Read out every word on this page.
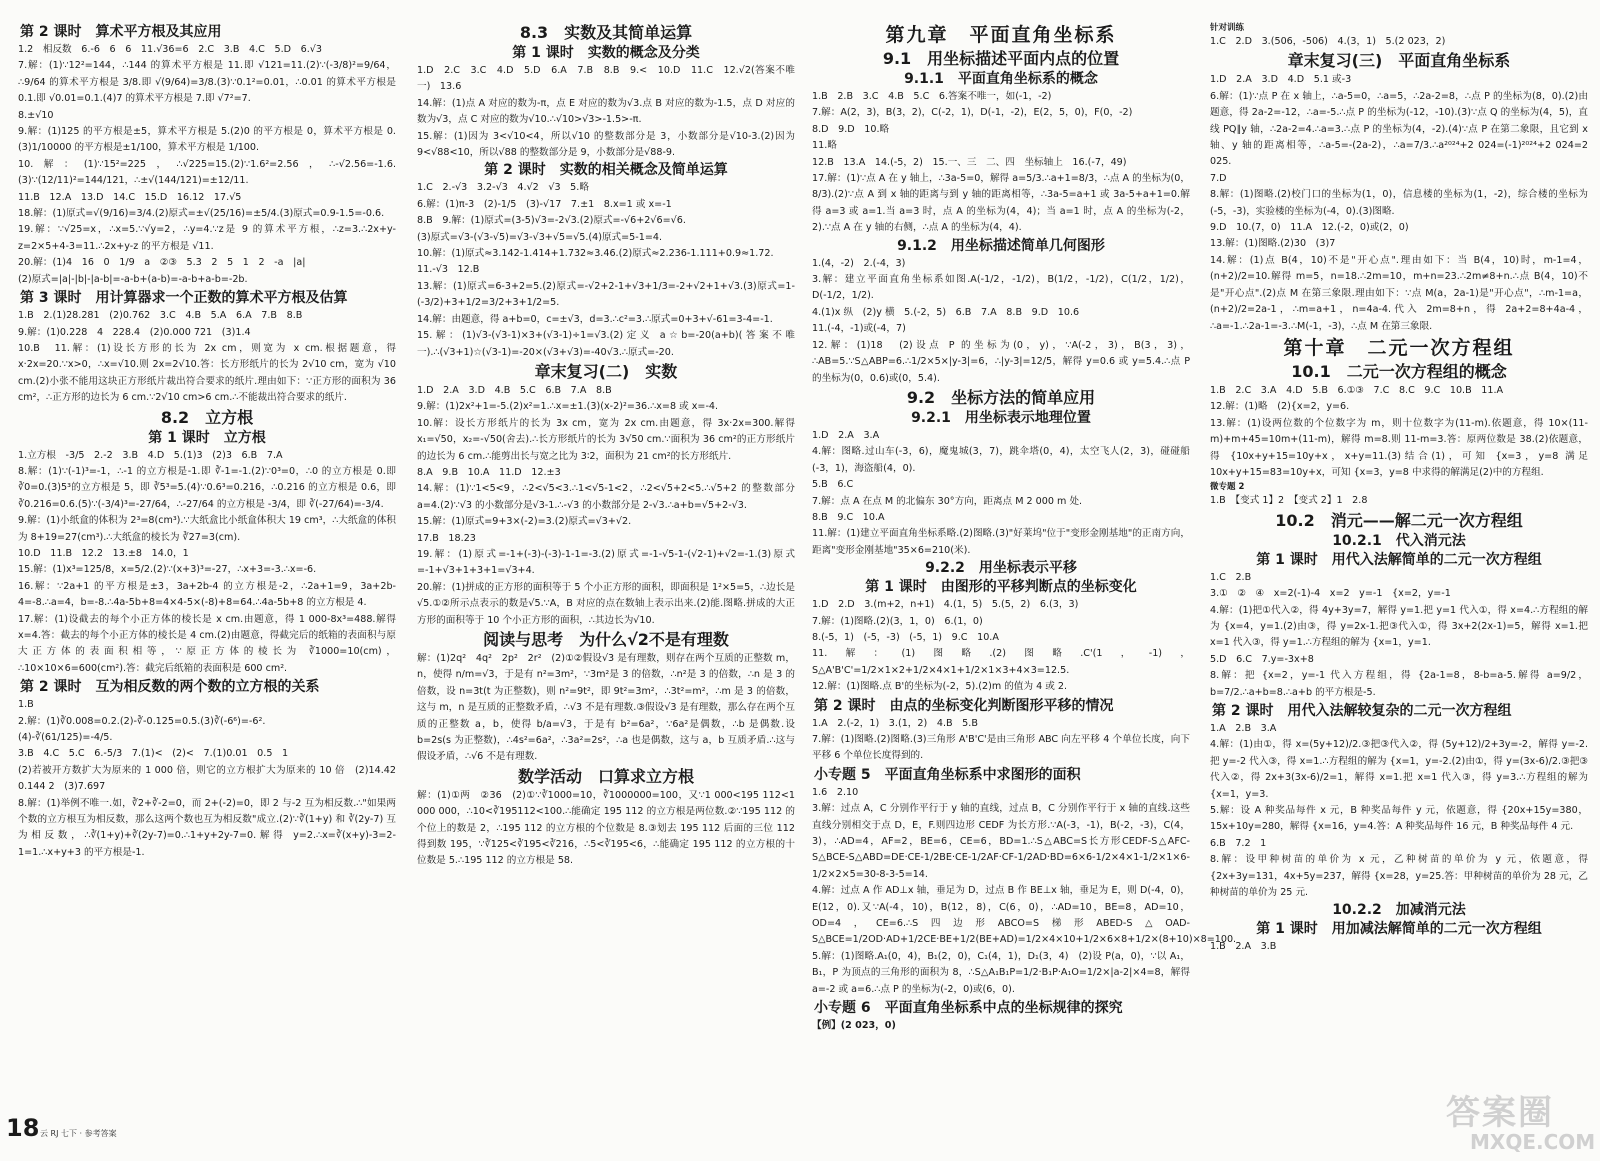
第 2 课时　算术平方根及其应用
1.2　相反数　6.-6　6　6　11.√36=6　2.C　3.B　4.C　5.D　6.√3
7.解：(1)∵12²=144，∴144 的算术平方根是 11.即 √121=11.(2)∵(-3/8)²=9/64，∴9/64 的算术平方根是 3/8.即 √(9/64)=3/8.(3)∵0.1²=0.01，∴0.01 的算术平方根是 0.1.即 √0.01=0.1.(4)7 的算术平方根是 7.即 √7²=7.
8.±√10
9.解：(1)125 的平方根是±5，算术平方根是 5.(2)0 的平方根是 0，算术平方根是 0.(3)1/10000 的平方根是±1/100，算术平方根是 1/100.
10.解：(1)∵15²=225，∴√225=15.(2)∵1.6²=2.56，∴-√2.56=-1.6.(3)∵(12/11)²=144/121，∴±√(144/121)=±12/11.
11.B　12.A　13.D　14.C　15.D　16.12　17.√5
18.解：(1)原式=√(9/16)=3/4.(2)原式=±√(25/16)=±5/4.(3)原式=0.9-1.5=-0.6.
19.解：∵√25=x，∴x=5.∵√y=2，∴y=4.∵z是 9 的算术平方根，∴z=3.∴2x+y-z=2×5+4-3=11.∴2x+y-z 的平方根是 √11.
20.解：(1)4　16　0　1/9　a　②③　5.3　2　5　1　2　-a　|a|
(2)原式=|a|-|b|-|a-b|=-a-b+(a-b)=-a-b+a-b=-2b.
第 3 课时　用计算器求一个正数的算术平方根及估算
1.B　2.(1)28.281　(2)0.762　3.C　4.B　5.A　6.A　7.B　8.B
9.解：(1)0.228　4　228.4　(2)0.000 721　(3)1.4
10.B　11.解：(1)设长方形的长为 2x cm，则宽为 x cm.根据题意，得 x·2x=20.∵x>0，∴x=√10.则 2x=2√10.答：长方形纸片的长为 2√10 cm，宽为 √10 cm.(2)小张不能用这块正方形纸片裁出符合要求的纸片.理由如下：∵正方形的面积为 36 cm²，∴正方形的边长为 6 cm.∵2√10 cm>6 cm.∴不能裁出符合要求的纸片.
8.2　立方根
第 1 课时　立方根
1.立方根　-3/5　2.-2　3.B　4.D　5.(1)3　(2)3　6.B　7.A
8.解：(1)∵(-1)³=-1，∴-1 的立方根是-1.即 ∛-1=-1.(2)∵0³=0，∴0 的立方根是 0.即 ∛0=0.(3)5³的立方根是 5，即 ∛5³=5.(4)∵0.6³=0.216，∴0.216 的立方根是 0.6，即 ∛0.216=0.6.(5)∵(-3/4)³=-27/64，∴-27/64 的立方根是 -3/4，即 ∛(-27/64)=-3/4.
9.解：(1)小纸盒的体积为 2³=8(cm³).∵大纸盒比小纸盒体积大 19 cm³，∴大纸盒的体积为 8+19=27(cm³).∴大纸盒的棱长为 ∛27=3(cm).
10.D　11.B　12.2　13.±8　14.0，1
15.解：(1)x³=125/8，x=5/2.(2)∵(x+3)³=-27，∴x+3=-3.∴x=-6.
16.解：∵2a+1 的平方根是±3，3a+2b-4 的立方根是-2，∴2a+1=9，3a+2b-4=-8.∴a=4，b=-8.∴4a-5b+8=4×4-5×(-8)+8=64.∴4a-5b+8 的立方根是 4.
17.解：(1)设截去的每个小正方体的棱长是 x cm.由题意，得 1 000-8x³=488.解得 x=4.答：截去的每个小正方体的棱长是 4 cm.(2)由题意，得截完后的纸箱的表面积与原大正方体的表面积相等，∵原正方体的棱长为 ∛1000=10(cm)，∴10×10×6=600(cm²).答：截完后纸箱的表面积是 600 cm².
第 2 课时　互为相反数的两个数的立方根的关系
1.B
2.解：(1)∛0.008=0.2.(2)-∛-0.125=0.5.(3)∛(-6⁶)=-6².
(4)-∛(61/125)=-4/5.
3.B　4.C　5.C　6.-5/3　7.(1)<　(2)<　7.(1)0.01　0.5　1
(2)若被开方数扩大为原来的 1 000 倍，则它的立方根扩大为原来的 10 倍　(2)14.42　0.144 2　(3)7.697
8.解：(1)举例不唯一.如，∛2+∛-2=0，而 2+(-2)=0，即 2 与-2 互为相反数.∴"如果两个数的立方根互为相反数，那么这两个数也互为相反数"成立.(2)∵∛(1+y) 和 ∛(2y-7) 互为相反数，∴∛(1+y)+∛(2y-7)=0.∴1+y+2y-7=0.解得 y=2.∴x=∛(x+y)-3=2-1=1.∴x+y+3 的平方根是-1.
8.3　实数及其简单运算
第 1 课时　实数的概念及分类
1.D　2.C　3.C　4.D　5.D　6.A　7.B　8.B　9.<　10.D　11.C　12.√2(答案不唯一)　13.6
14.解：(1)点 A 对应的数为-π，点 E 对应的数为√3.点 B 对应的数为-1.5，点 D 对应的数为√3，点 C 对应的数为√10.∴√10>√3>-1.5>-π.
15.解：(1)因为 3<√10<4，所以√10 的整数部分是 3，小数部分是√10-3.(2)因为 9<√88<10，所以√88 的整数部分是 9，小数部分是√88-9.
第 2 课时　实数的相关概念及简单运算
1.C　2.-√3　3.2-√3　4.√2　√3　5.略
6.解：(1)π-3　(2)-1/5　(3)-√17　7.±1　8.x=1 或 x=-1
8.B　9.解：(1)原式=(3-5)√3=-2√3.(2)原式=-√6+2√6=√6.
(3)原式=√3-(√3-√5)=√3-√3+√5=√5.(4)原式=5-1=4.
10.解：(1)原式≈3.142-1.414+1.732≈3.46.(2)原式≈2.236-1.111+0.9≈1.72.
11.-√3　12.B
13.解：(1)原式=6-3+2=5.(2)原式=-√2+2-1+√3+1/3=-2+√2+1+√3.(3)原式=1-(-3/2)+3+1/2=3/2+3+1/2=5.
14.解：由题意，得 a+b=0，c=±√3，d=3.∴c²=3.∴原式=0+3+√-61=3-4=-1.
15.解：(1)√3-(√3-1)×3+(√3-1)÷1=√3.(2)定义 a☆b=-20(a+b)(答案不唯一).∴(√3+1)☆(√3-1)=-20×(√3+√3)=-40√3.∴原式=-20.
章末复习(二)　实数
1.D　2.A　3.D　4.B　5.C　6.B　7.A　8.B
9.解：(1)2x²+1=-5.(2)x²=1.∴x=±1.(3)(x-2)²=36.∴x=8 或 x=-4.
10.解：设长方形纸片的长为 3x cm，宽为 2x cm.由题意，得 3x·2x=300.解得 x₁=√50，x₂=-√50(舍去).∴长方形纸片的长为 3√50 cm.∵面积为 36 cm²的正方形纸片的边长为 6 cm.∴能剪出长与宽之比为 3∶2，面积为 21 cm²的长方形纸片.
8.A　9.B　10.A　11.D　12.±3
14.解：(1)∵1<5<9，∴2<√5<3.∴1<√5-1<2，∴2<√5+2<5.∴√5+2 的整数部分 a=4.(2)∵√3 的小数部分是√3-1.∴-√3 的小数部分是 2-√3.∴a+b=√5+2-√3.
15.解：(1)原式=9+3×(-2)=3.(2)原式=√3+√2.
17.B　18.23
19.解：(1)原式=-1+(-3)-(-3)-1-1=-3.(2)原式=-1-√5-1-(√2-1)+√2=-1.(3)原式=-1+√3+1+3+1=√3+4.
20.解：(1)拼成的正方形的面积等于 5 个小正方形的面积，即面积是 1²×5=5，∴边长是√5.①②所示点表示的数是√5.∵A，B 对应的点在数轴上表示出来.(2)能.图略.拼成的大正方形的面积等于 10 个小正方形的面积，∴其边长为√10.
阅读与思考　为什么√2不是有理数
解：(1)2q²　4q²　2p²　2r²　(2)①②假设√3 是有理数，则存在两个互质的正整数 m，n，使得 n/m=√3，于是有 n²=3m²，∵3m²是 3 的倍数，∴n²是 3 的倍数，∴n 是 3 的倍数，设 n=3t(t 为正整数)，则 n²=9t²，即 9t²=3m²，∴3t²=m²，∴m 是 3 的倍数，这与 m，n 是互质的正整数矛盾，∴√3 不是有理数.③假设√3 是有理数，那么存在两个互质的正整数 a，b，使得 b/a=√3，于是有 b²=6a²，∵6a²是偶数，∴b 是偶数.设 b=2s(s 为正整数)，∴4s²=6a²，∴3a²=2s²，∴a 也是偶数，这与 a，b 互质矛盾.∴这与假设矛盾，∴√6 不是有理数.
数学活动　口算求立方根
解：(1)①两　②36　(2)①∵∛1000=10，∛1000000=100，又∵1 000<195 112<1 000 000，∴10<∛195112<100.∴能确定 195 112 的立方根是两位数.②∵195 112 的个位上的数是 2，∴195 112 的立方根的个位数是 8.③划去 195 112 后面的三位 112 得到数 195，∵∛125<∛195<∛216，∴5<∛195<6，∴能确定 195 112 的立方根的十位数是 5.∴195 112 的立方根是 58.
第九章　平面直角坐标系
9.1　用坐标描述平面内点的位置
9.1.1　平面直角坐标系的概念
1.B　2.B　3.C　4.B　5.C　6.答案不唯一，如(-1，-2)
7.解：A(2，3)，B(3，2)，C(-2，1)，D(-1，-2)，E(2，5，0)，F(0，-2)
8.D　9.D　10.略
11.略
12.B　13.A　14.(-5，2)　15.一、三　二、四　坐标轴上　16.(-7，49)
17.解：(1)∵点 A 在 y 轴上，∴3a-5=0，解得 a=5/3.∴a+1=8/3，∴点 A 的坐标为(0，8/3).(2)∵点 A 到 x 轴的距离与到 y 轴的距离相等，∴3a-5=a+1 或 3a-5+a+1=0.解得 a=3 或 a=1.当 a=3 时，点 A 的坐标为(4，4)；当 a=1 时，点 A 的坐标为(-2，2).∵点 A 在 y 轴的右侧，∴点 A 的坐标为(4，4).
9.1.2　用坐标描述简单几何图形
1.(4，-2)　2.(-4，3)
3.解：建立平面直角坐标系如图.A(-1/2，-1/2)，B(1/2，-1/2)，C(1/2，1/2)，D(-1/2，1/2).
4.(1)x 纵　(2)y 横　5.(-2，5)　6.B　7.A　8.B　9.D　10.6
11.(-4，-1)或(-4，7)
12.解：(1)18　(2)设点 P 的坐标为(0，y)，∵A(-2，3)，B(3，3)，∴AB=5.∵S△ABP=6.∴1/2×5×|y-3|=6，∴|y-3|=12/5，解得 y=0.6 或 y=5.4.∴点 P 的坐标为(0，0.6)或(0，5.4).
9.2　坐标方法的简单应用
9.2.1　用坐标表示地理位置
1.D　2.A　3.A
4.解：图略.过山车(-3，6)，魔鬼城(3，7)，跳伞塔(0，4)，太空飞人(2，3)，碰碰船(-3，1)，海盗船(4，0).
5.B　6.C
7.解：点 A 在点 M 的北偏东 30°方向，距离点 M 2 000 m 处.
8.B　9.C　10.A
11.解：(1)建立平面直角坐标系略.(2)图略.(3)"好莱坞"位于"变形金刚基地"的正南方向，距离"变形金刚基地"35×6=210(米).
9.2.2　用坐标表示平移
第 1 课时　由图形的平移判断点的坐标变化
1.D　2.D　3.(m+2，n+1)　4.(1，5)　5.(5，2)　6.(3，3)
7.解：(1)图略.(2)(3，1，0)　6.(1，0)
8.(-5，1)　(-5，-3)　(-5，1)　9.C　10.A
11.解：(1)图略.(2)图略.C'(1，-1)，S△A'B'C'=1/2×1×2+1/2×4×1+1/2×1×3+4×3=12.5.
12.解：(1)图略.点 B'的坐标为(-2，5).(2)m 的值为 4 或 2.
第 2 课时　由点的坐标变化判断图形平移的情况
1.A　2.(-2，1)　3.(1，2)　4.B　5.B
7.解：(1)图略.(2)图略.(3)三角形 A'B'C'是由三角形 ABC 向左平移 4 个单位长度，向下平移 6 个单位长度得到的.
小专题 5　平面直角坐标系中求图形的面积
1.6　2.10
3.解：过点 A，C 分别作平行于 y 轴的直线，过点 B，C 分别作平行于 x 轴的直线.这些直线分别相交于点 D，E，F.则四边形 CEDF 为长方形.∵A(-3，-1)，B(-2，-3)，C(4，3)，∴AD=4，AF=2，BE=6，CE=6，BD=1.∴S△ABC=S长方形CEDF-S△AFC-S△BCE-S△ABD=DE·CE-1/2BE·CE-1/2AF·CF-1/2AD·BD=6×6-1/2×4×1-1/2×1×6-1/2×2×5=30-8-3-5=14.
4.解：过点 A 作 AD⊥x 轴，垂足为 D，过点 B 作 BE⊥x 轴，垂足为 E，则 D(-4，0)，E(12，0).又∵A(-4，10)，B(12，8)，C(6，0)，∴AD=10，BE=8，AD=10，OD=4，CE=6.∴S四边形ABCO=S梯形ABED-S△OAD-S△BCE=1/2OD·AD+1/2CE·BE+1/2(BE+AD)=1/2×4×10+1/2×6×8+1/2×(8+10)×8=100.
5.解：(1)图略.A₁(0，4)，B₁(2，0)，C₁(4，1)，D₁(3，4)　(2)设 P(a，0)，∵以 A₁，B₁，P 为顶点的三角形的面积为 8，∴S△A₁B₁P=1/2·B₁P·A₁O=1/2×|a-2|×4=8，解得 a=-2 或 a=6.∴点 P 的坐标为(-2，0)或(6，0).
小专题 6　平面直角坐标系中点的坐标规律的探究
【例】(2 023，0)
针对训练
1.C　2.D　3.(506，-506)　4.(3，1)　5.(2 023，2)
章末复习(三)　平面直角坐标系
1.D　2.A　3.D　4.D　5.1 或-3
6.解：(1)∵点 P 在 x 轴上，∴a-5=0，∴a=5，∴2a-2=8，∴点 P 的坐标为(8，0).(2)由题意，得 2a-2=-12，∴a=-5.∴点 P 的坐标为(-12，-10).(3)∵点 Q 的坐标为(4，5)，直线 PQ∥y 轴，∴2a-2=4.∴a=3.∴点 P 的坐标为(4，-2).(4)∵点 P 在第二象限，且它到 x 轴、y 轴的距离相等，∴a-5=-(2a-2)，∴a=7/3.∴a²⁰²⁴+2 024=(-1)²⁰²⁴+2 024=2 025.
7.D
8.解：(1)图略.(2)校门口的坐标为(1，0)，信息楼的坐标为(1，-2)，综合楼的坐标为(-5，-3)，实验楼的坐标为(-4，0).(3)图略.
9.D　10.(7，0)　11.A　12.(-2，0)或(2，0)
13.解：(1)图略.(2)30　(3)7
14.解：(1)点 B(4，10)不是"开心点".理由如下：当 B(4，10)时，m-1=4，(n+2)/2=10.解得 m=5，n=18.∴2m=10，m+n=23.∴2m≠8+n.∴点 B(4，10)不是"开心点".(2)点 M 在第三象限.理由如下：∵点 M(a，2a-1)是"开心点"，∴m-1=a，(n+2)/2=2a-1，∴m=a+1，n=4a-4.代入 2m=8+n，得 2a+2=8+4a-4，∴a=-1.∴2a-1=-3.∴M(-1，-3)，∴点 M 在第三象限.
第十章　二元一次方程组
10.1　二元一次方程组的概念
1.B　2.C　3.A　4.D　5.B　6.①③　7.C　8.C　9.C　10.B　11.A
12.解：(1)略　(2){x=2，y=6.
13.解：(1)设两位数的个位数字为 m，则十位数字为(11-m).依题意，得 10×(11-m)+m+45=10m+(11-m)，解得 m=8.则 11-m=3.答：原两位数是 38.(2)依题意，得 {10x+y+15=10y+x，x+y=11.(3)结合(1)，可知 {x=3，y=8 满足 10x+y+15=83=10y+x，可知 {x=3，y=8 中求得的解满足(2)中的方程组.
微专题 2
1.B　【变式 1】2　【变式 2】1　2.8
10.2　消元——解二元一次方程组
10.2.1　代入消元法
第 1 课时　用代入法解简单的二元一次方程组
1.C　2.B
3.①　②　④　x=2(-1)-4　x=2　y=-1　{x=2，y=-1
4.解：(1)把①代入②，得 4y+3y=7，解得 y=1.把 y=1 代入①，得 x=4.∴方程组的解为 {x=4，y=1.(2)由③，得 y=2x-1.把③代入①，得 3x+2(2x-1)=5，解得 x=1.把 x=1 代入③，得 y=1.∴方程组的解为 {x=1，y=1.
5.D　6.C　7.y=-3x+8
8.解：把 {x=2，y=-1 代入方程组，得 {2a-1=8，8-b=a-5.解得 a=9/2，b=7/2.∴a+b=8.∴a+b 的平方根是-5.
第 2 课时　用代入法解较复杂的二元一次方程组
1.A　2.B　3.A
4.解：(1)由①，得 x=(5y+12)/2.③把③代入②，得 (5y+12)/2+3y=-2，解得 y=-2.把 y=-2 代入③，得 x=1.∴方程组的解为 {x=1，y=-2.(2)由①，得 y=(3x-6)/2.③把③代入②，得 2x+3(3x-6)/2=1，解得 x=1.把 x=1 代入③，得 y=3.∴方程组的解为 {x=1，y=3.
5.解：设 A 种奖品每件 x 元，B 种奖品每件 y 元，依题意，得 {20x+15y=380，15x+10y=280，解得 {x=16，y=4.答：A 种奖品每件 16 元，B 种奖品每件 4 元.
6.B　7.2　1
8.解：设甲种树苗的单价为 x 元，乙种树苗的单价为 y 元，依题意，得 {2x+3y=131，4x+5y=237，解得 {x=28，y=25.答：甲种树苗的单价为 28 元，乙种树苗的单价为 25 元.
10.2.2　加减消元法
第 1 课时　用加减法解简单的二元一次方程组
1.B　2.A　3.B
18 云 RJ 七下 · 参考答案
答案圈
MXQE.COM
